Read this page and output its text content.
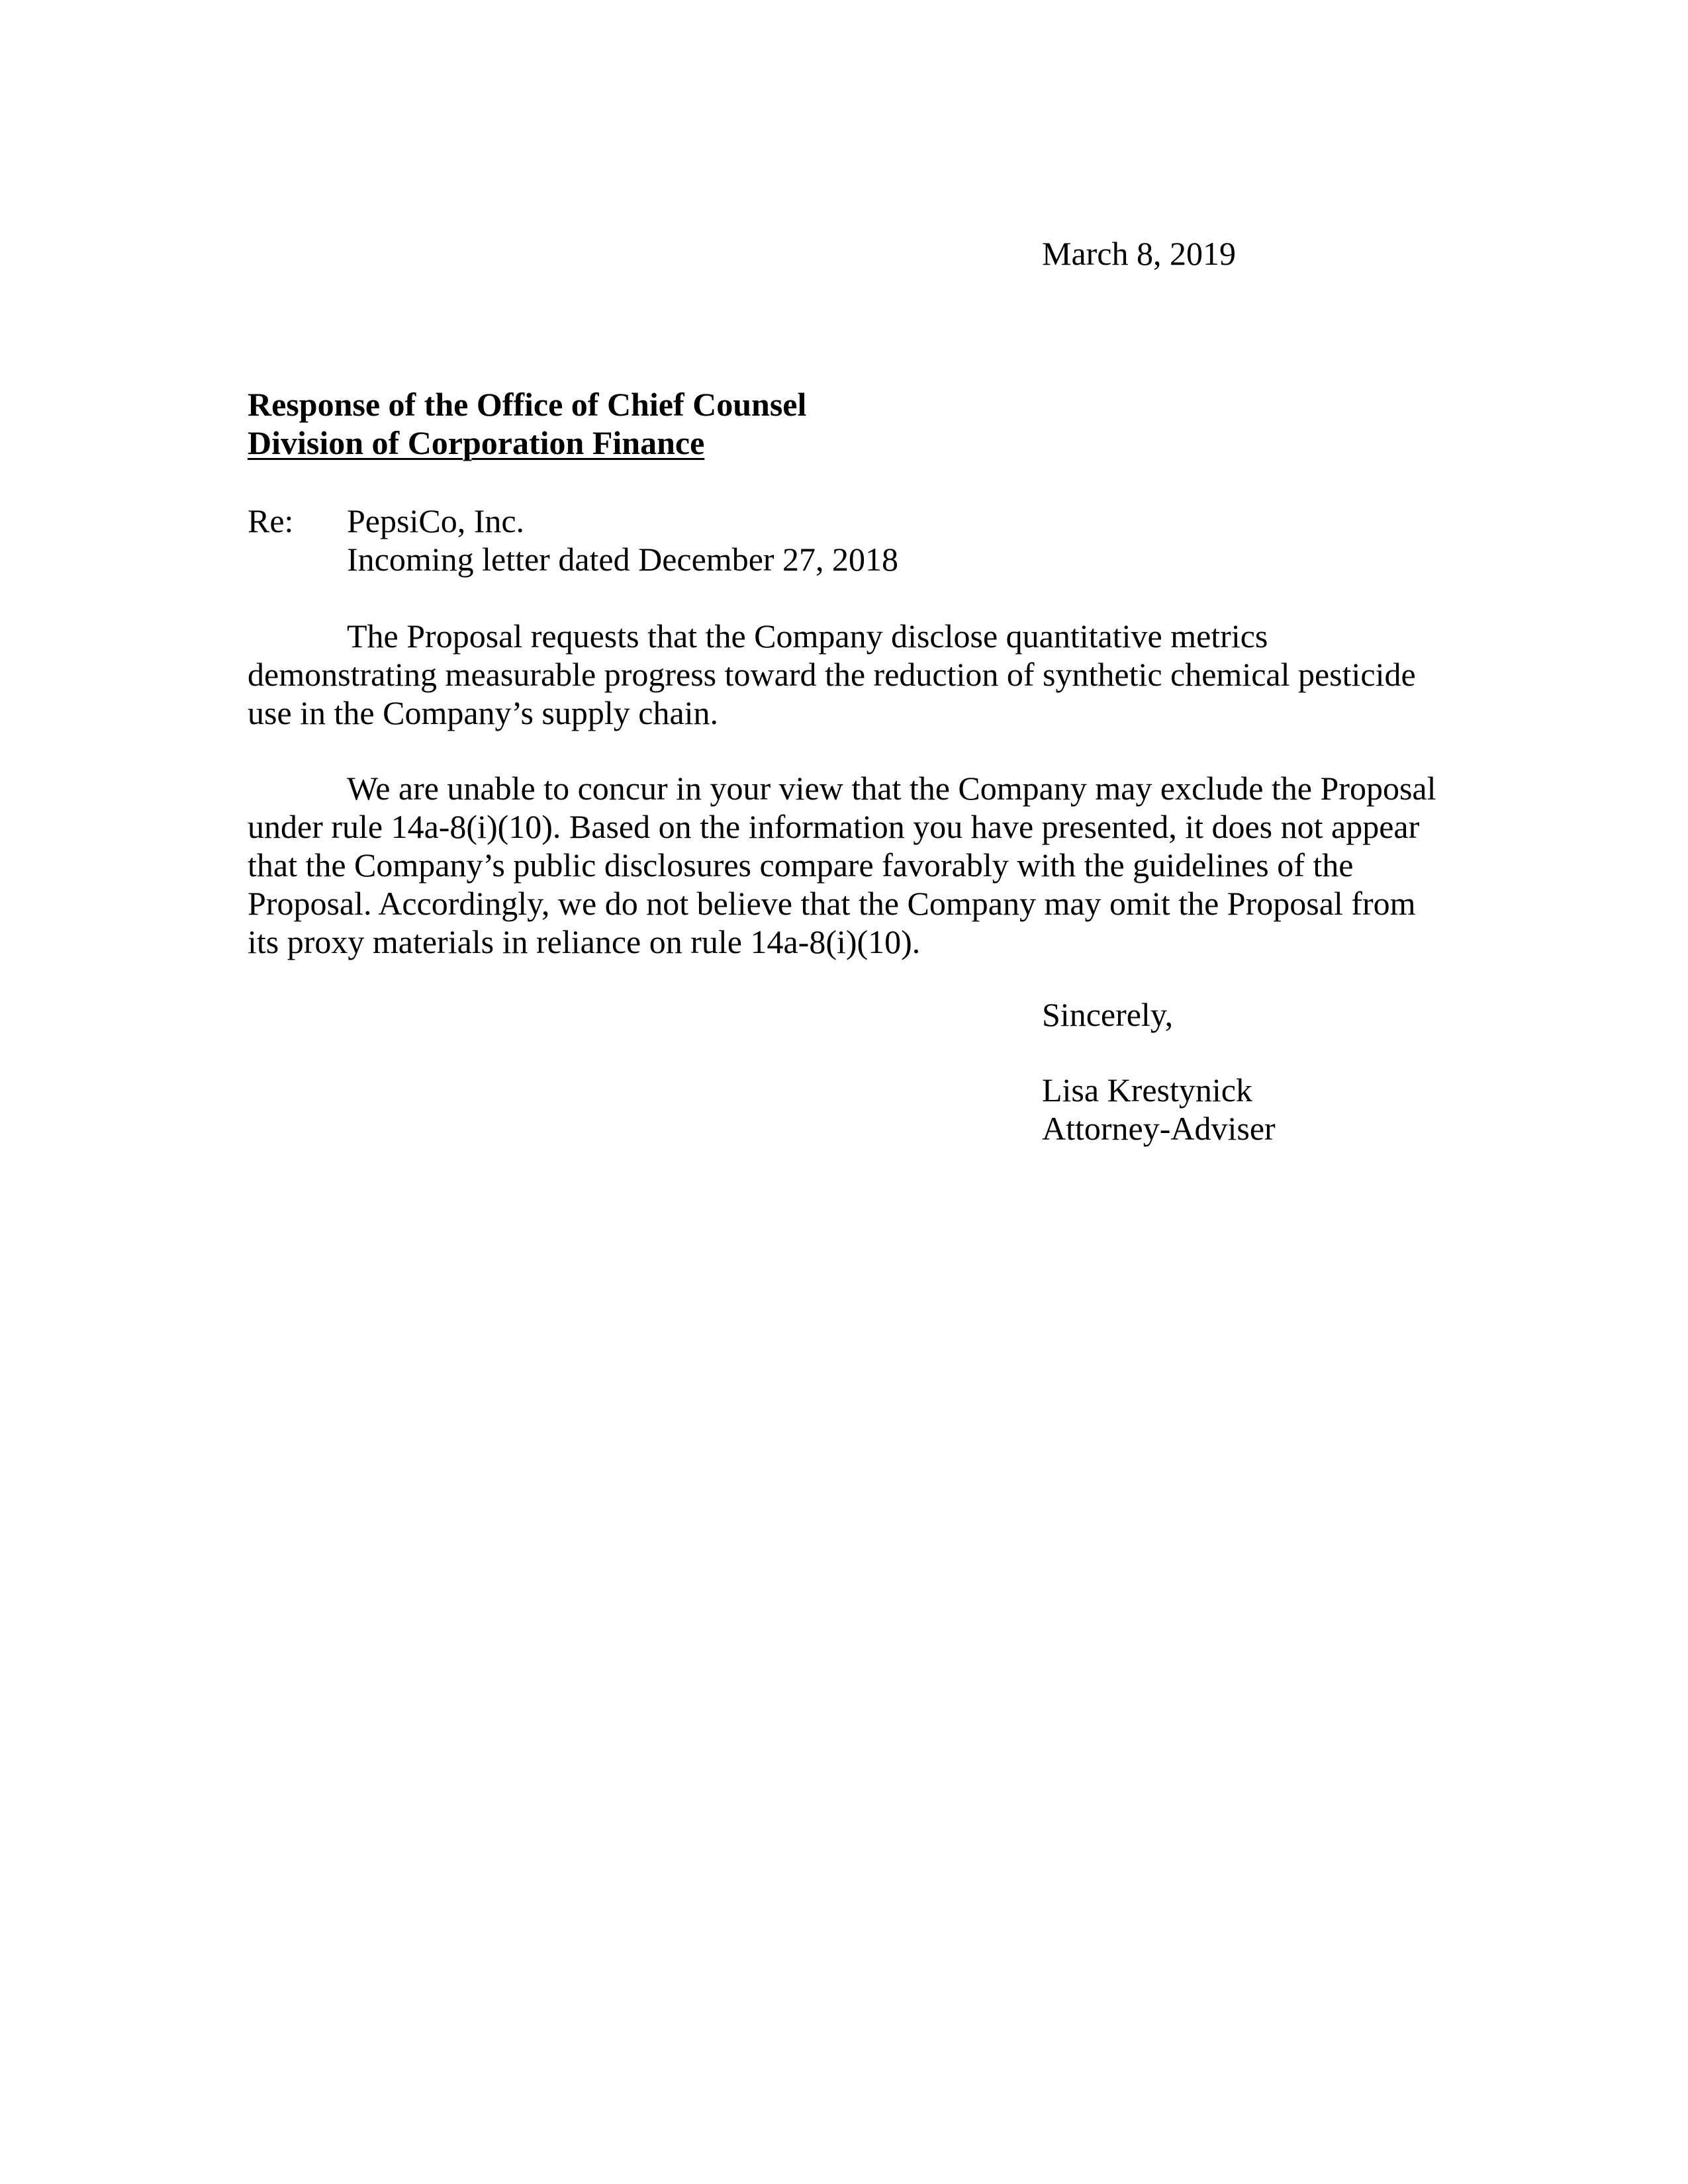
March 8, 2019
Response of the Office of Chief Counsel
Division of Corporation Finance
Re: PepsiCo, Inc.
Incoming letter dated December 27, 2018
The Proposal requests that the Company disclose quantitative metrics
demonstrating measurable progress toward the reduction of synthetic chemical pesticide
use in the Company’s supply chain.
We are unable to concur in your view that the Company may exclude the Proposal
under rule 14a-8(i)(10). Based on the information you have presented, it does not appear
that the Company’s public disclosures compare favorably with the guidelines of the
Proposal. Accordingly, we do not believe that the Company may omit the Proposal from
its proxy materials in reliance on rule 14a-8(i)(10).
Sincerely,
Lisa Krestynick
Attorney-Adviser
